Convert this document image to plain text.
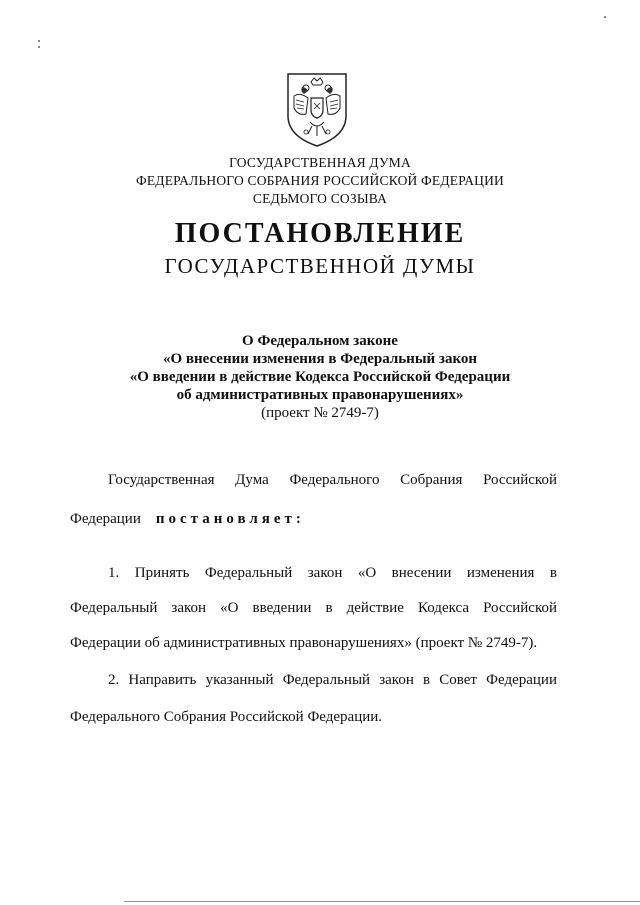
ГОСУДАРСТВЕННАЯ ДУМА
ФЕДЕРАЛЬНОГО СОБРАНИЯ РОССИЙСКОЙ ФЕДЕРАЦИИ
СЕДЬМОГО СОЗЫВА
ПОСТАНОВЛЕНИЕ
ГОСУДАРСТВЕННОЙ ДУМЫ
О Федеральном законе
«О внесении изменения в Федеральный закон
«О введении в действие Кодекса Российской Федерации
об административных правонарушениях»
(проект № 2749-7)
Государственная Дума Федерального Собрания Российской
Федерации постановляет:
1. Принять Федеральный закон «О внесении изменения в
Федеральный закон «О введении в действие Кодекса Российской
Федерации об административных правонарушениях» (проект № 2749-7).
2. Направить указанный Федеральный закон в Совет Федерации
Федерального Собрания Российской Федерации.
